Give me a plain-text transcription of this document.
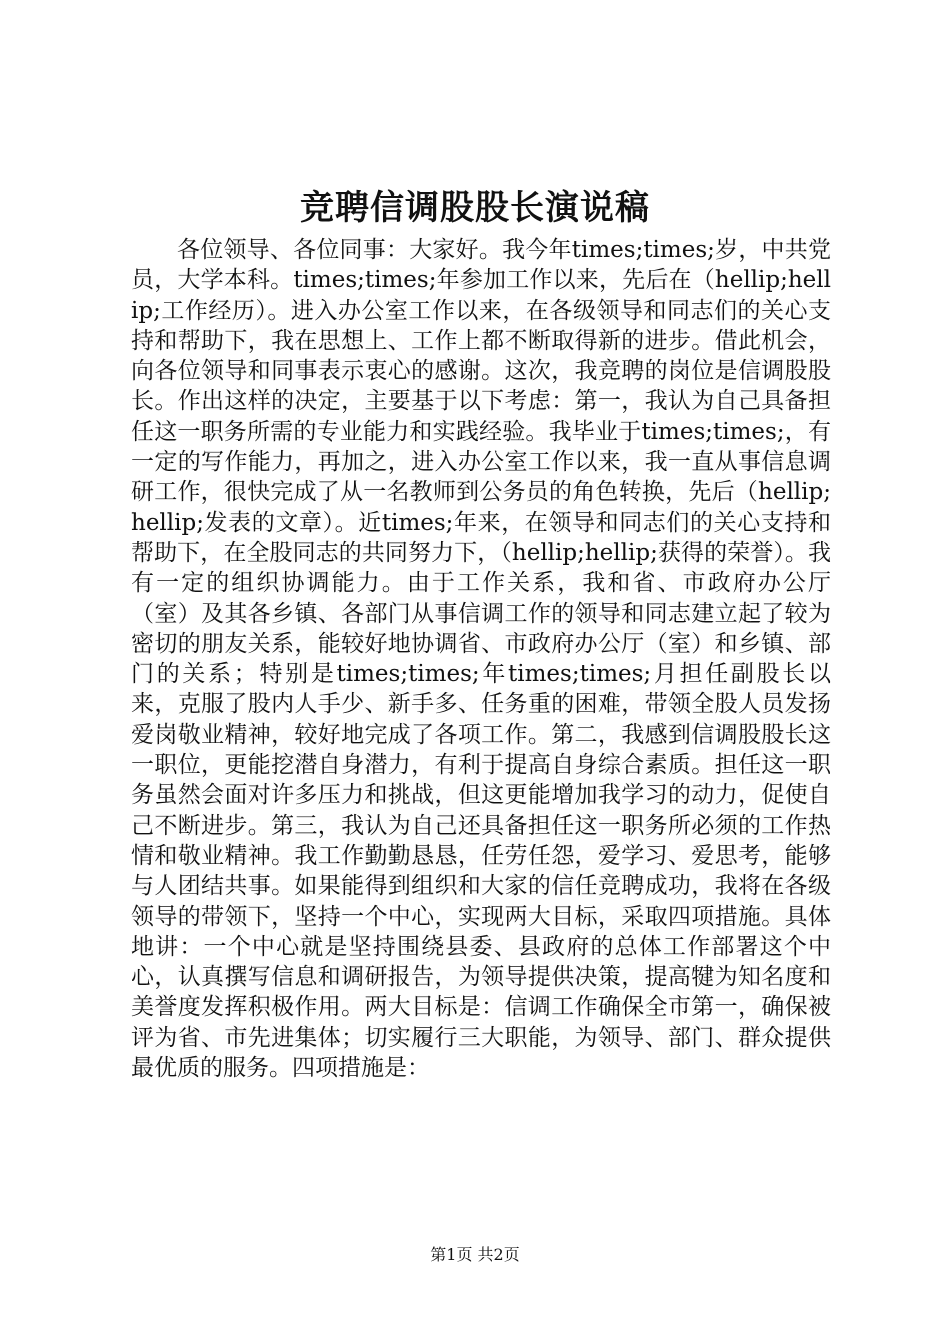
竞聘信调股股长演说稿

各位领导、各位同事：大家好。我今年times;times;岁，中共党员，大学本科。times;times;年参加工作以来，先后在（hellip;hellip;工作经历）。进入办公室工作以来，在各级领导和同志们的关心支持和帮助下，我在思想上、工作上都不断取得新的进步。借此机会，向各位领导和同事表示衷心的感谢。这次，我竞聘的岗位是信调股股长。作出这样的决定，主要基于以下考虑：第一，我认为自己具备担任这一职务所需的专业能力和实践经验。我毕业于times;times;，有一定的写作能力，再加之，进入办公室工作以来，我一直从事信息调研工作，很快完成了从一名教师到公务员的角色转换，先后（hellip;hellip;发表的文章）。近times;年来，在领导和同志们的关心支持和帮助下，在全股同志的共同努力下，（hellip;hellip;获得的荣誉）。我有一定的组织协调能力。由于工作关系，我和省、市政府办公厅（室）及其各乡镇、各部门从事信调工作的领导和同志建立起了较为密切的朋友关系，能较好地协调省、市政府办公厅（室）和乡镇、部门的关系；特别是times;times;年times;times;月担任副股长以来，克服了股内人手少、新手多、任务重的困难，带领全股人员发扬爱岗敬业精神，较好地完成了各项工作。第二，我感到信调股股长这一职位，更能挖潜自身潜力，有利于提高自身综合素质。担任这一职务虽然会面对许多压力和挑战，但这更能增加我学习的动力，促使自己不断进步。第三，我认为自己还具备担任这一职务所必须的工作热情和敬业精神。我工作勤勤恳恳，任劳任怨，爱学习、爱思考，能够与人团结共事。如果能得到组织和大家的信任竞聘成功，我将在各级领导的带领下，坚持一个中心，实现两大目标，采取四项措施。具体地讲：一个中心就是坚持围绕县委、县政府的总体工作部署这个中心，认真撰写信息和调研报告，为领导提供决策，提高犍为知名度和美誉度发挥积极作用。两大目标是：信调工作确保全市第一，确保被评为省、市先进集体；切实履行三大职能，为领导、部门、群众提供最优质的服务。四项措施是：

第1页 共2页
